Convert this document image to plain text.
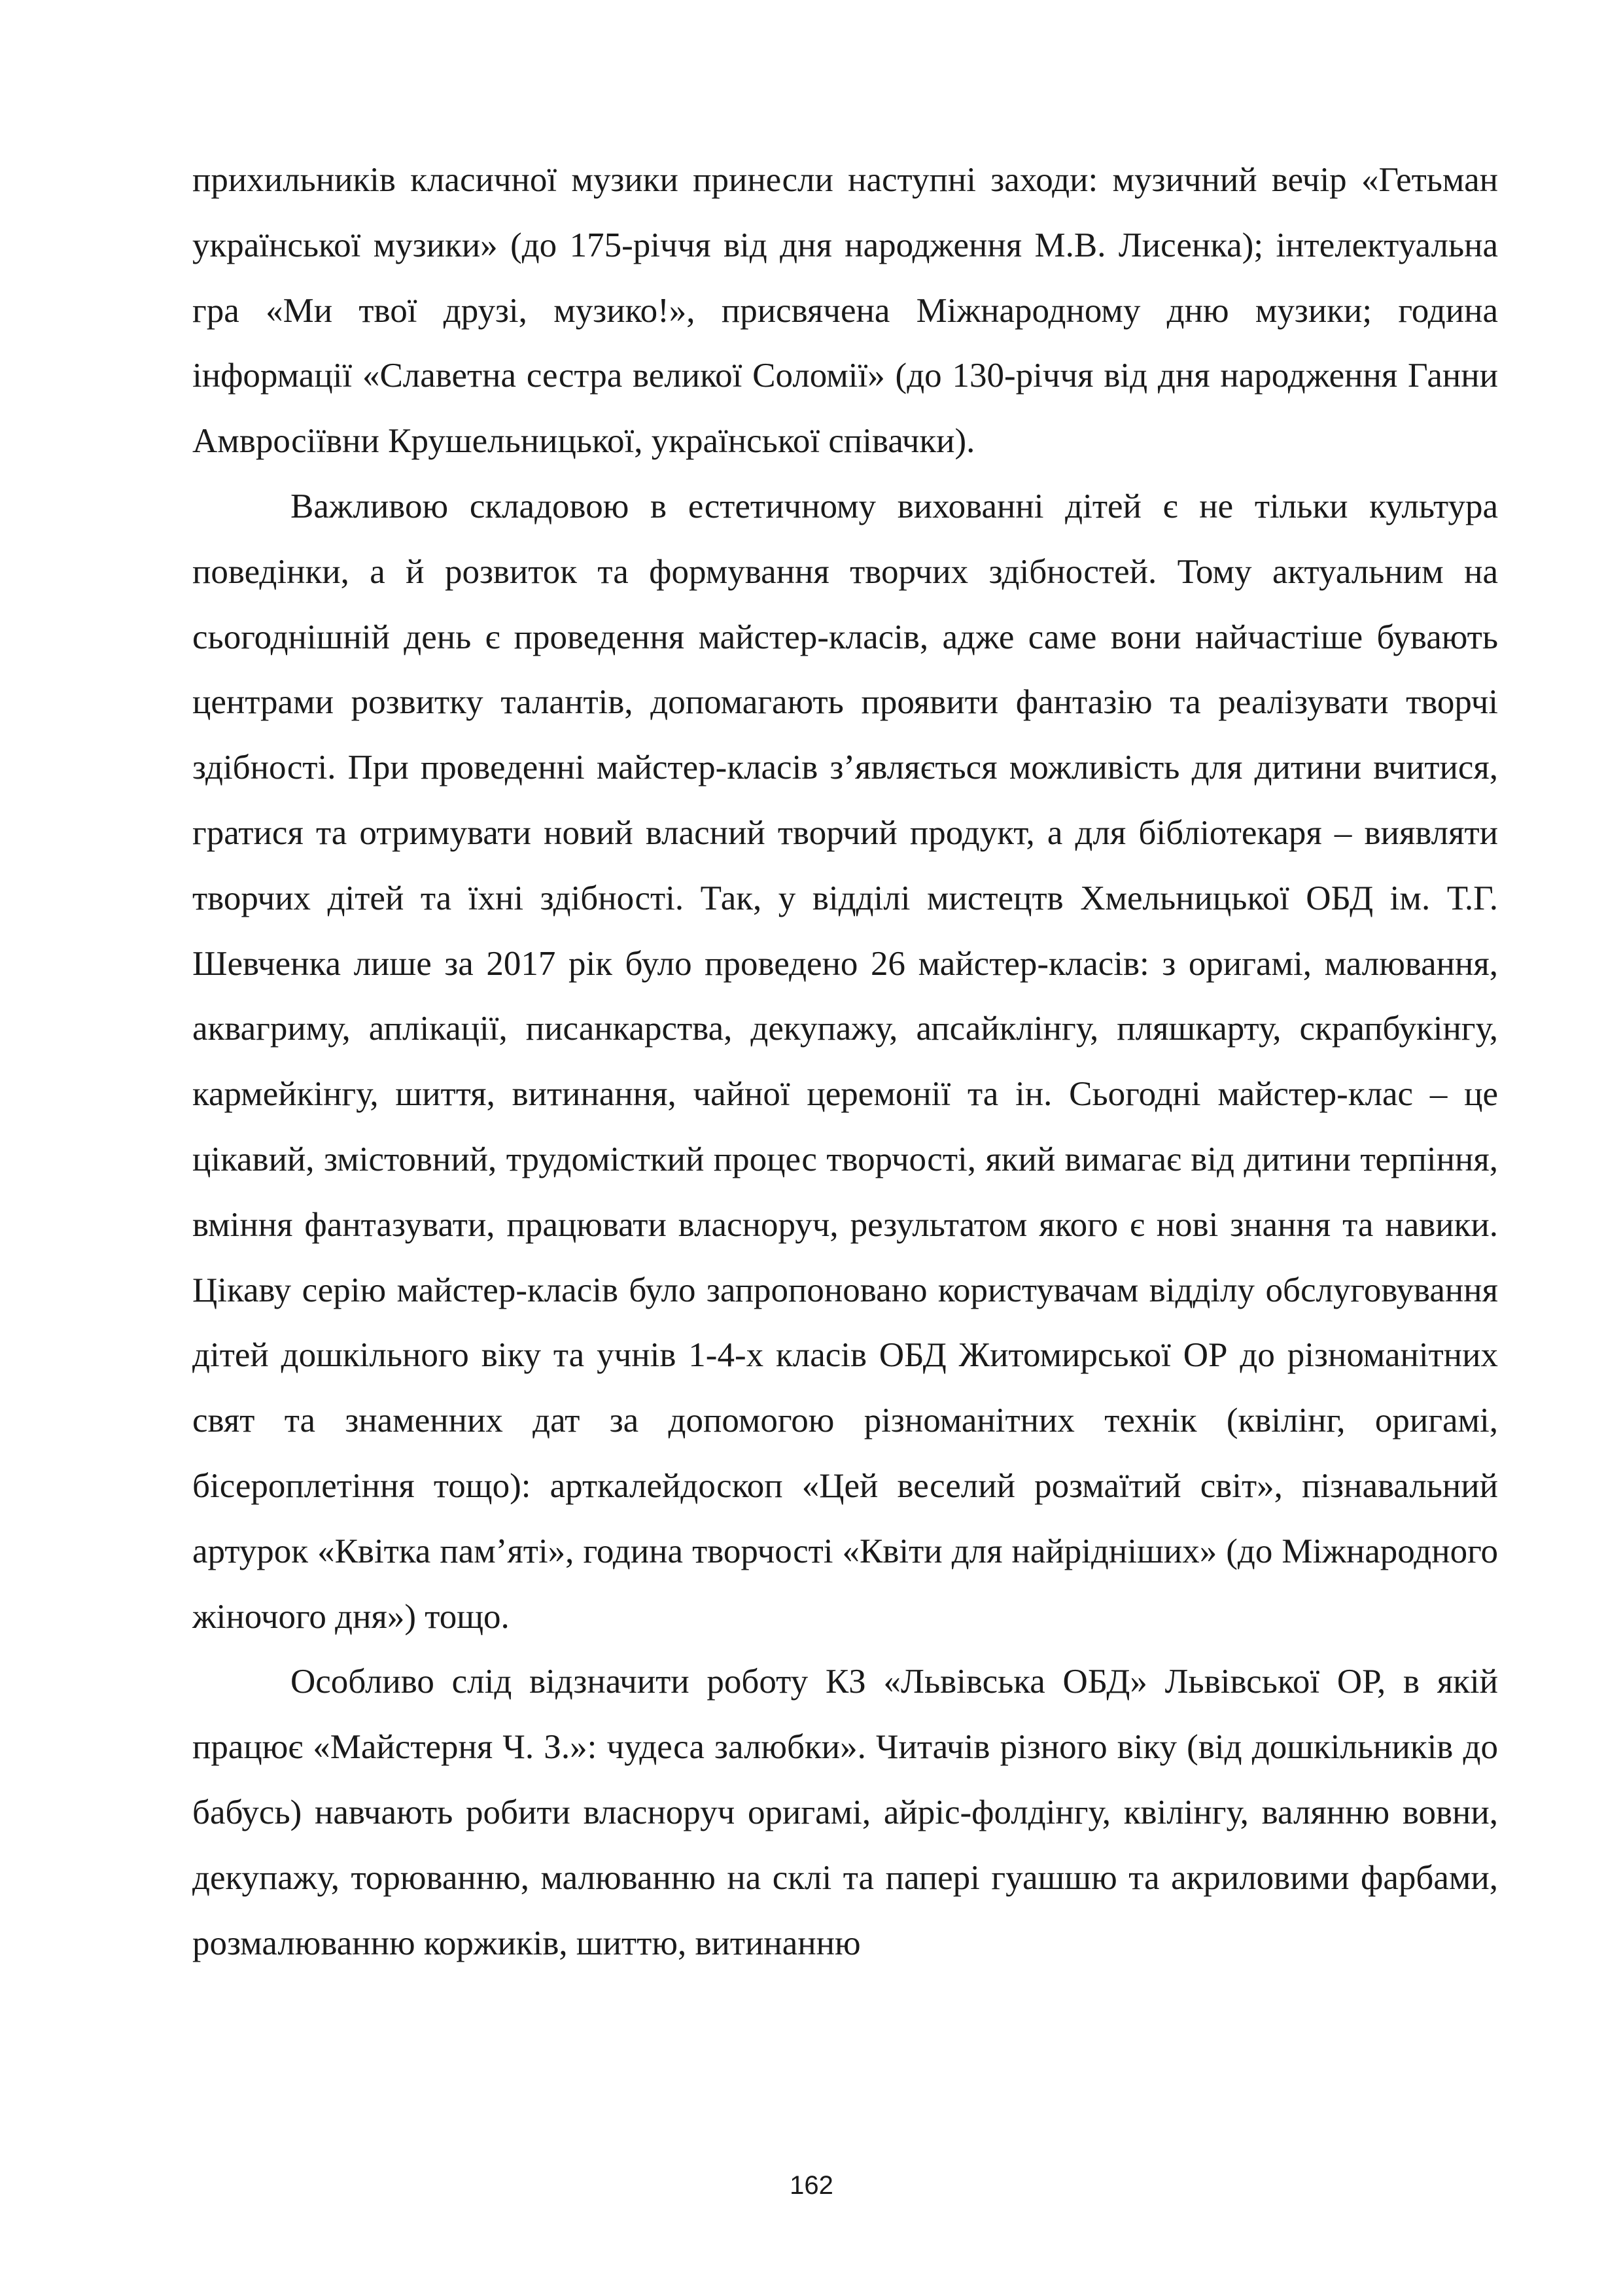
прихильників класичної музики принесли наступні заходи: музичний вечір «Гетьман української музики» (до 175-річчя від дня народження М.В. Лисенка); інтелектуальна гра «Ми твої друзі, музико!», присвячена Міжнародному дню музики; година інформації «Славетна сестра великої Соломії» (до 130-річчя від дня народження Ганни Амвросіївни Крушельницької, української співачки).

Важливою складовою в естетичному вихованні дітей є не тільки культура поведінки, а й розвиток та формування творчих здібностей. Тому актуальним на сьогоднішній день є проведення майстер-класів, адже саме вони найчастіше бувають центрами розвитку талантів, допомагають проявити фантазію та реалізувати творчі здібності. При проведенні майстер-класів з’являється можливість для дитини вчитися, гратися та отримувати новий власний творчий продукт, а для бібліотекаря – виявляти творчих дітей та їхні здібності. Так, у відділі мистецтв Хмельницької ОБД ім. Т.Г. Шевченка лише за 2017 рік було проведено 26 майстер-класів: з оригамі, малювання, аквагриму, аплікації, писанкарства, декупажу, апсайклінгу, пляшкарту, скрапбукінгу, кармейкінгу, шиття, витинання, чайної церемонії та ін. Сьогодні майстер-клас – це цікавий, змістовний, трудомісткий процес творчості, який вимагає від дитини терпіння, вміння фантазувати, працювати власноруч, результатом якого є нові знання та навики. Цікаву серію майстер-класів було запропоновано користувачам відділу обслуговування дітей дошкільного віку та учнів 1-4-х класів ОБД Житомирської ОР до різноманітних свят та знаменних дат за допомогою різноманітних технік (квілінг, оригамі, бісероплетіння тощо): арткалейдоскоп «Цей веселий розмаїтий світ», пізнавальний артурок «Квітка пам’яті», година творчості «Квіти для найрідніших» (до Міжнародного жіночого дня») тощо.

Особливо слід відзначити роботу КЗ «Львівська ОБД» Львівської ОР, в якій працює «Майстерня Ч. З.»: чудеса залюбки». Читачів різного віку (від дошкільників до бабусь) навчають робити власноруч оригамі, айріс-фолдінгу, квілінгу, валянню вовни, декупажу, торюванню, малюванню на склі та папері гуашшю та акриловими фарбами, розмалюванню коржиків, шиттю, витинанню

162
